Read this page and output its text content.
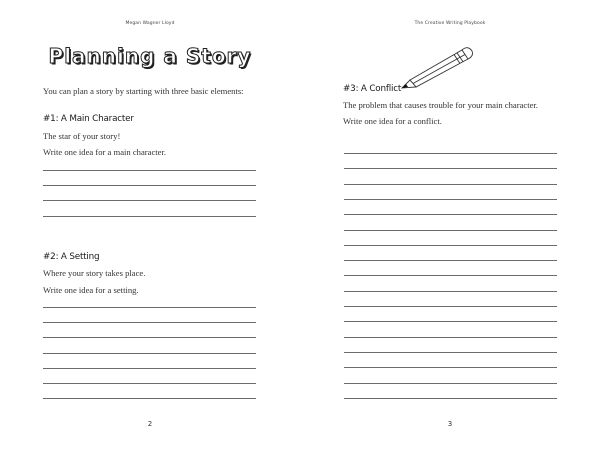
Megan Wagner Lloyd
Planning a Story
You can plan a story by starting with three basic elements:
#1: A Main Character
The star of your story!
Write one idea for a main character.
#2: A Setting
Where your story takes place.
Write one idea for a setting.
2
The Creative Writing Playbook
#3: A Conflict
The problem that causes trouble for your main character.
Write one idea for a conflict.
3
